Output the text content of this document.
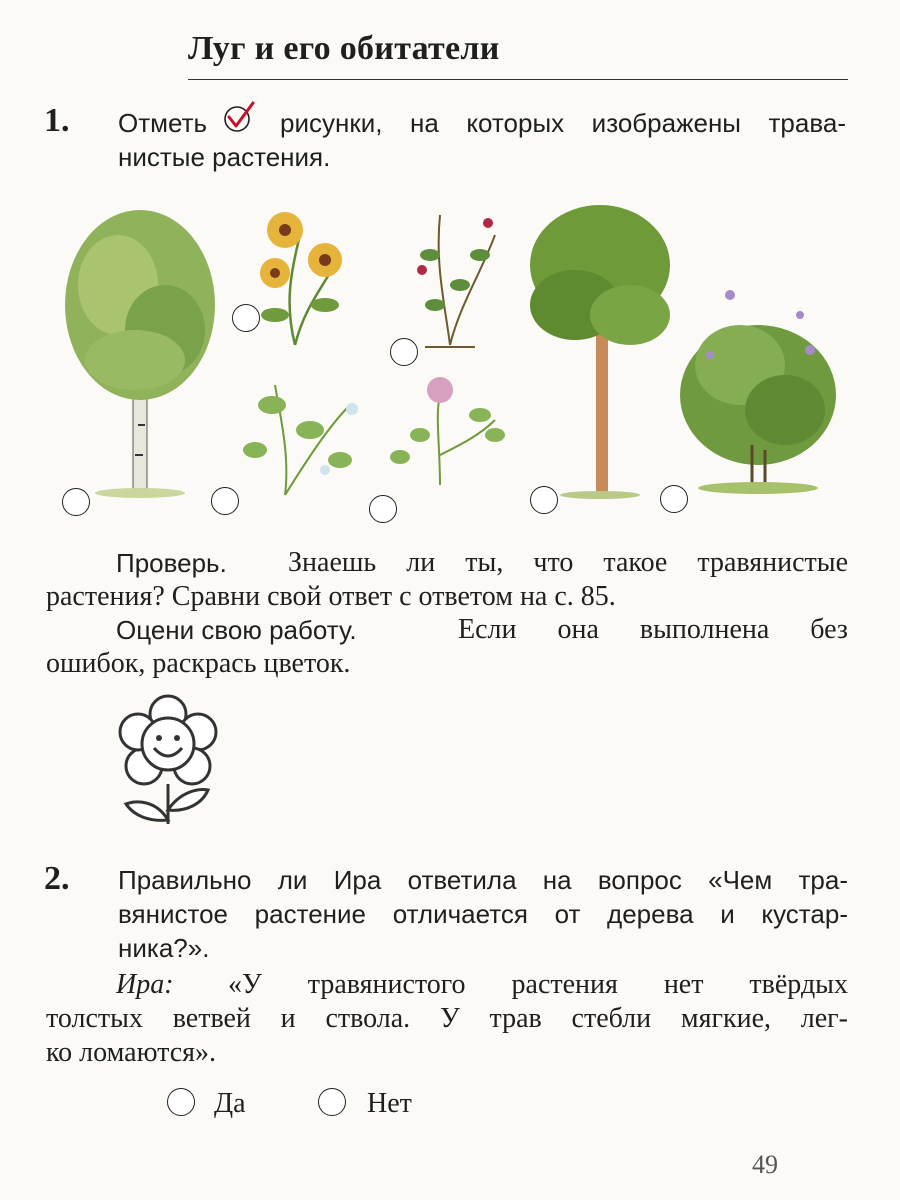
Луг и его обитатели
1. Отметь	рисунки, на которых изображены трава-
нистые растения.
Проверь. Знаешь ли ты, что такое травянистые
растения? Сравни свой ответ с ответом на с. 85.
Оцени свою работу.	Если она выполнена без
ошибок, раскрась цветок.
2. Правильно ли Ира ответила на вопрос «Чем тра-
вянистое растение отличается от дерева и кустар-
ника?».
Ира: «У травянистого растения нет твёрдых
толстых ветвей и ствола. У трав стебли мягкие, лег-
ко ломаются».
Да	Нет
49
